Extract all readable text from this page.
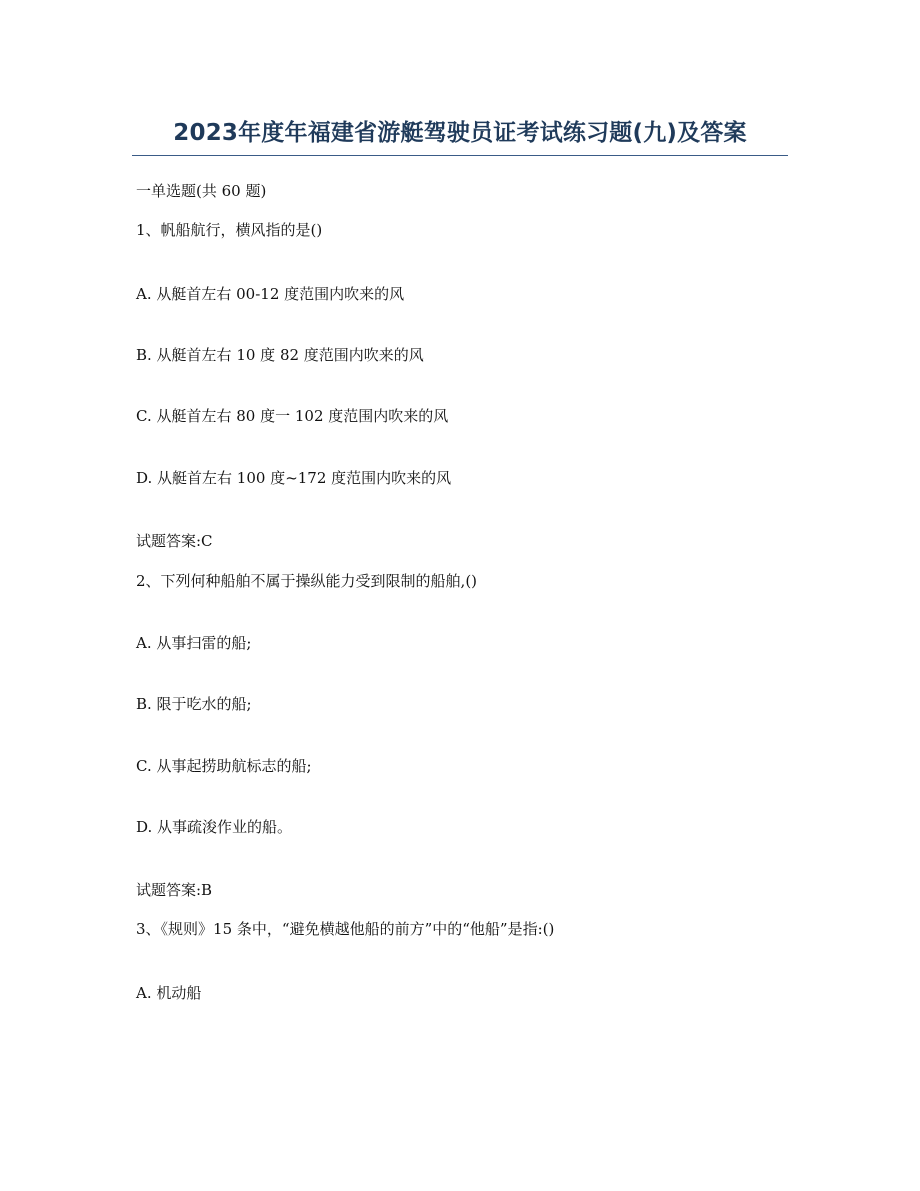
2023年度年福建省游艇驾驶员证考试练习题(九)及答案
一单选题(共 60 题)
1、帆船航行，横风指的是()
A. 从艇首左右 00-12 度范围内吹来的风
B. 从艇首左右 10 度 82 度范围内吹来的风
C. 从艇首左右 80 度一 102 度范围内吹来的风
D. 从艇首左右 100 度~172 度范围内吹来的风
试题答案:C
2、下列何种船舶不属于操纵能力受到限制的船舶,()
A. 从事扫雷的船;
B. 限于吃水的船;
C. 从事起捞助航标志的船;
D. 从事疏浚作业的船。
试题答案:B
3、《规则》15 条中，“避免横越他船的前方”中的“他船”是指:()
A. 机动船
